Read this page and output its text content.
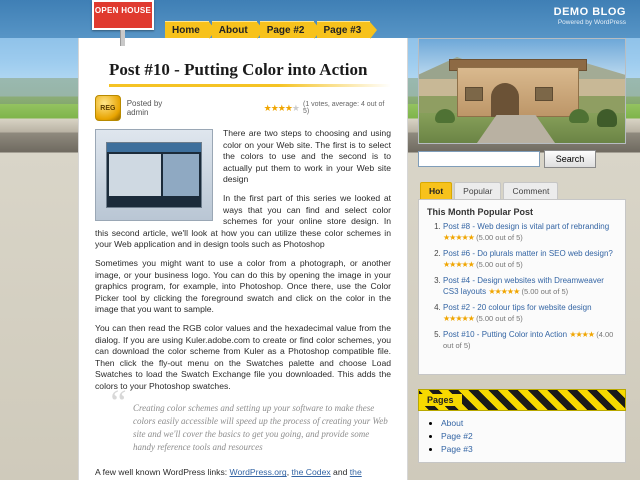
OPEN HOUSE
Home	About	Page #2	Page #3
DEMO BLOG
Powered by WordPress
Post #10 - Putting Color into Action
REG	Posted by admin	★★★★★ (1 votes, average: 4 out of 5)
There are two steps to choosing and using color on your Web site. The first is to select the colors to use and the second is to actually put them to work in your Web site design
In the first part of this series we looked at ways that you can find and select color schemes for your online store design. In this second article, we'll look at how you can utilize these color schemes in your Web application and in design tools such as Photoshop
Sometimes you might want to use a color from a photograph, or another image, or your business logo. You can do this by opening the image in your graphics program, for example, into Photoshop. Once there, use the Color Picker tool by clicking the foreground swatch and click on the color in the image that you want to sample.
You can then read the RGB color values and the hexadecimal value from the dialog. If you are using Kuler.adobe.com to create or find color schemes, you can download the color scheme from Kuler as a Photoshop compatible file. Then click the fly-out menu on the Swatches palette and choose Load Swatches to load the Swatch Exchange file you downloaded. This adds the colors to your Photoshop swatches.
“ Creating color schemes and setting up your software to make these colors easily accessible will speed up the process of creating your Web site and we'll cover the basics to get you going, and provide some handy reference tools and resources
A few well known WordPress links: WordPress.org, the Codex and the
Search
Hot	Popular	Comment
This Month Popular Post
1. Post #8 - Web design is vital part of rebranding ★★★★★ (5.00 out of 5)
2. Post #6 - Do plurals matter in SEO web design? ★★★★★ (5.00 out of 5)
3. Post #4 - Design websites with Dreamweaver CS3 layouts ★★★★★ (5.00 out of 5)
4. Post #2 - 20 colour tips for website design ★★★★★ (5.00 out of 5)
5. Post #10 - Putting Color into Action ★★★★ (4.00 out of 5)
Pages
• About
• Page #2
• Page #3
